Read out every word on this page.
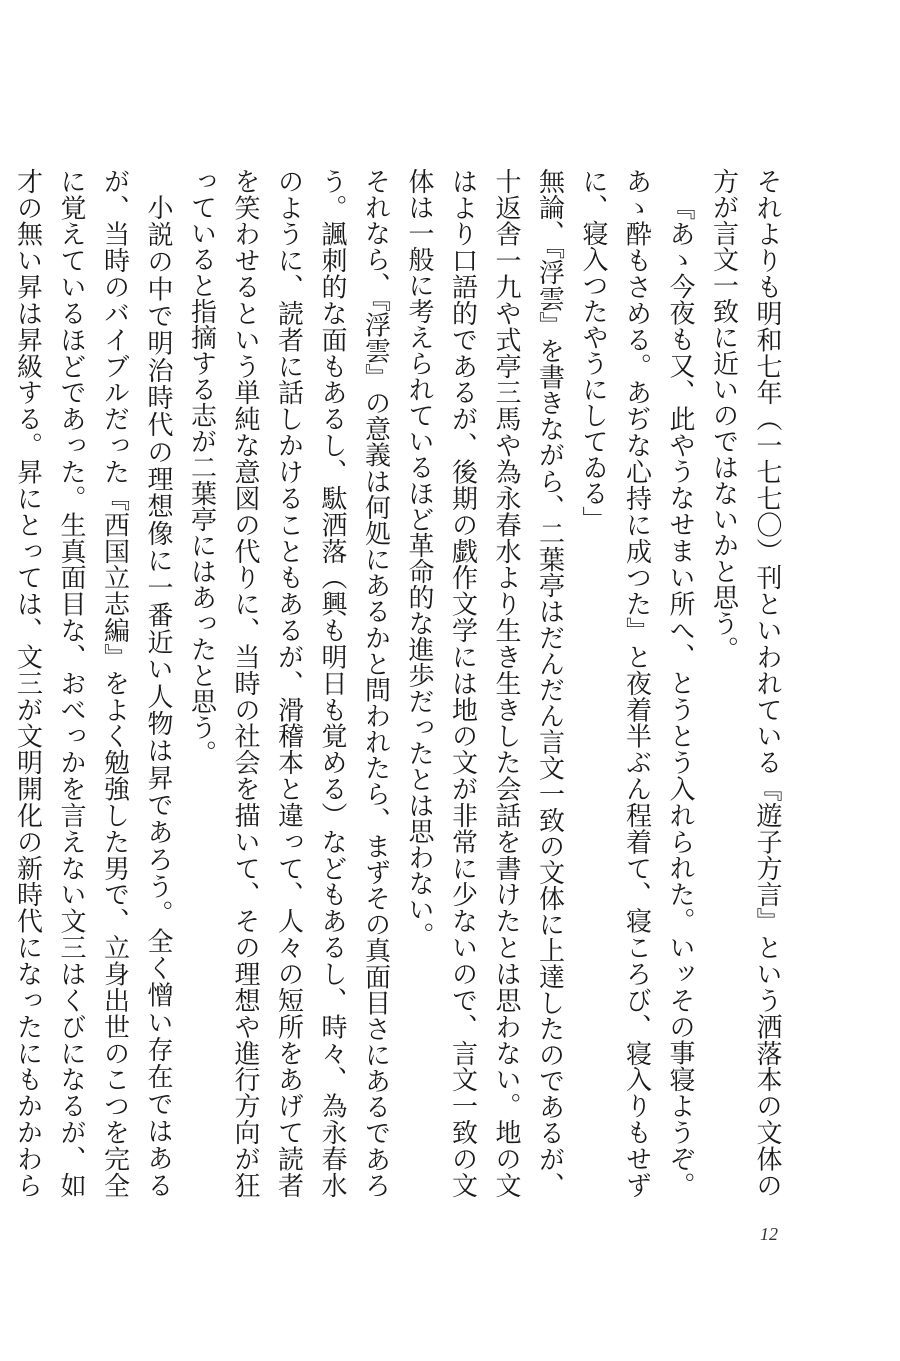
それよりも明和七年（一七七〇）刊といわれている『遊子方言』という洒落本の文体の方が言文一致に近いのではないかと思う。

『あゝ今夜も又、此やうなせまい所へ、とうとう入れられた。いッその事寝ようぞ。あゝ酔もさめる。あぢな心持に成つた』と夜着半ぶん程着て、寝ころび、寝入りもせずに、寝入つたやうにしてゐる」

無論、『浮雲』を書きながら、二葉亭はだんだん言文一致の文体に上達したのであるが、十返舎一九や式亭三馬や為永春水より生き生きした会話を書けたとは思わない。地の文はより口語的であるが、後期の戯作文学には地の文が非常に少ないので、言文一致の文体は一般に考えられているほど革命的な進歩だったとは思わない。

それなら、『浮雲』の意義は何処にあるかと問われたら、まずその真面目さにあるであろう。諷刺的な面もあるし、駄洒落（興も明日も覚める）などもあるし、時々、為永春水のように、読者に話しかけることもあるが、滑稽本と違って、人々の短所をあげて読者を笑わせるという単純な意図の代りに、当時の社会を描いて、その理想や進行方向が狂っていると指摘する志が二葉亭にはあったと思う。

小説の中で明治時代の理想像に一番近い人物は昇であろう。全く憎い存在ではあるが、当時のバイブルだった『西国立志編』をよく勉強した男で、立身出世のこつを完全に覚えているほどであった。生真面目な、おべっかを言えない文三はくびになるが、如才の無い昇は昇級する。昇にとっては、文三が文明開化の新時代になったにもかかわら

12
